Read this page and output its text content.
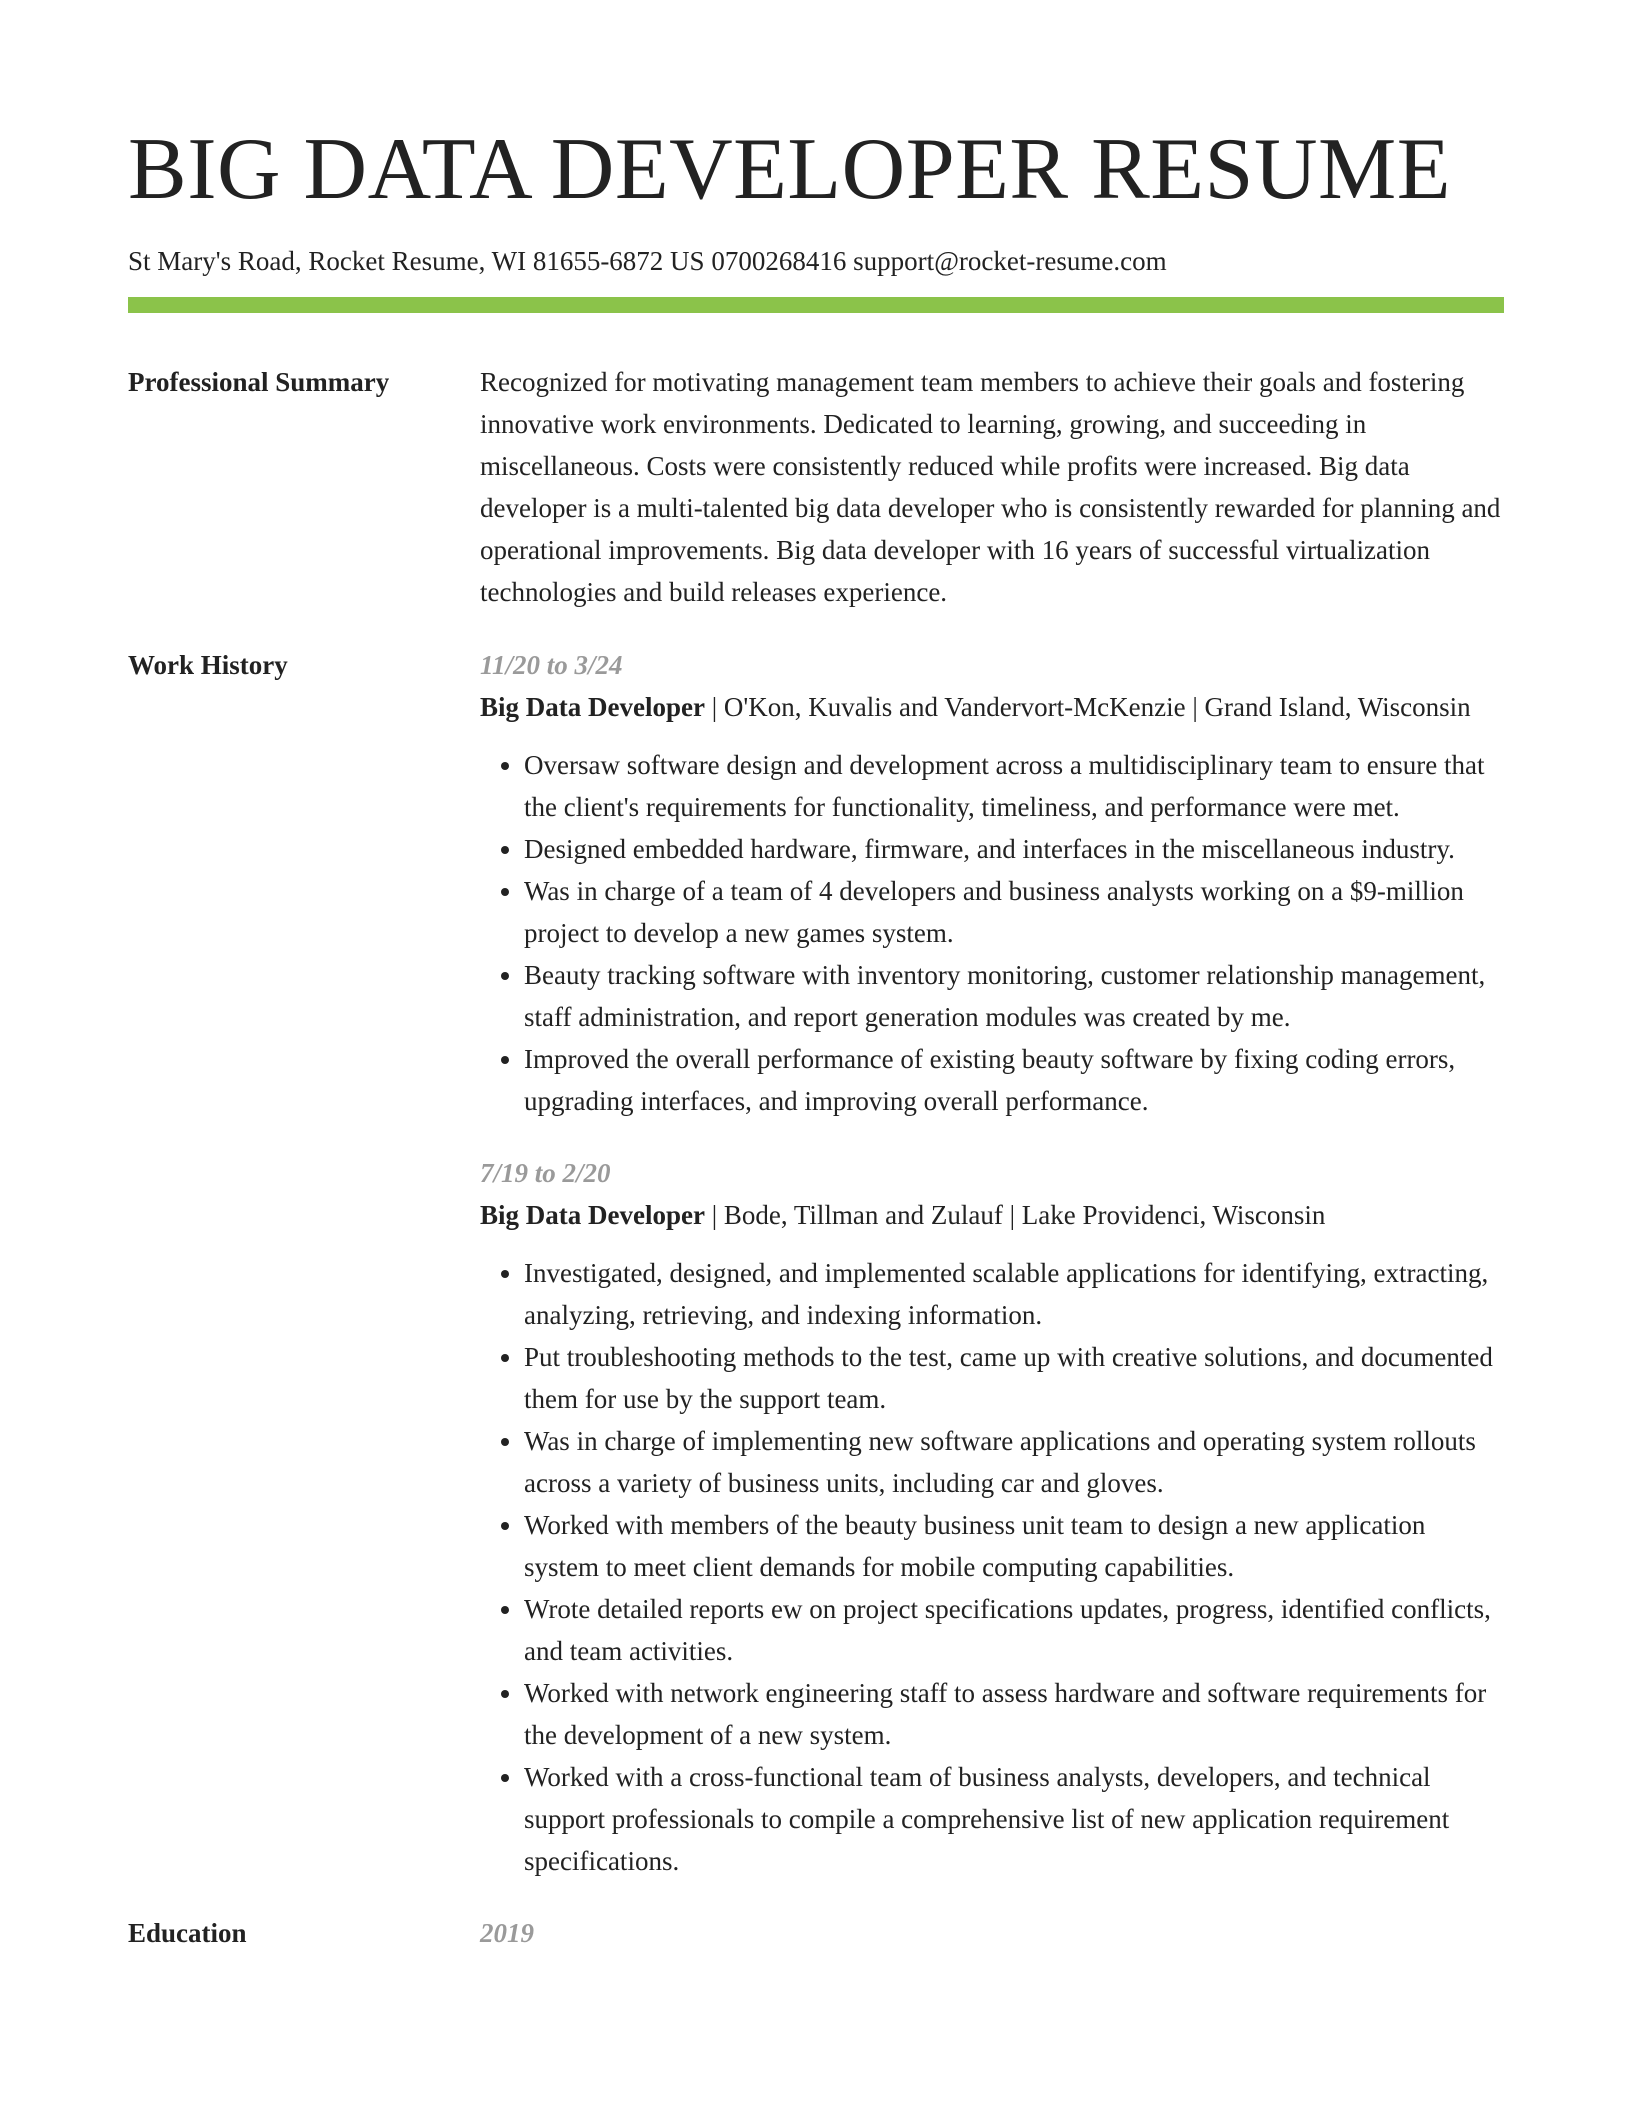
BIG DATA DEVELOPER RESUME
St Mary's Road, Rocket Resume, WI 81655-6872 US 0700268416 support@rocket-resume.com
Professional Summary	Recognized for motivating management team members to achieve their goals and fostering innovative work environments. Dedicated to learning, growing, and succeeding in miscellaneous. Costs were consistently reduced while profits were increased. Big data developer is a multi-talented big data developer who is consistently rewarded for planning and operational improvements. Big data developer with 16 years of successful virtualization technologies and build releases experience.

Work History	11/20 to 3/24
Big Data Developer | O'Kon, Kuvalis and Vandervort-McKenzie | Grand Island, Wisconsin
• Oversaw software design and development across a multidisciplinary team to ensure that the client's requirements for functionality, timeliness, and performance were met.
• Designed embedded hardware, firmware, and interfaces in the miscellaneous industry.
• Was in charge of a team of 4 developers and business analysts working on a $9-million project to develop a new games system.
• Beauty tracking software with inventory monitoring, customer relationship management, staff administration, and report generation modules was created by me.
• Improved the overall performance of existing beauty software by fixing coding errors, upgrading interfaces, and improving overall performance.
7/19 to 2/20
Big Data Developer | Bode, Tillman and Zulauf | Lake Providenci, Wisconsin
• Investigated, designed, and implemented scalable applications for identifying, extracting, analyzing, retrieving, and indexing information.
• Put troubleshooting methods to the test, came up with creative solutions, and documented them for use by the support team.
• Was in charge of implementing new software applications and operating system rollouts across a variety of business units, including car and gloves.
• Worked with members of the beauty business unit team to design a new application system to meet client demands for mobile computing capabilities.
• Wrote detailed reports ew on project specifications updates, progress, identified conflicts, and team activities.
• Worked with network engineering staff to assess hardware and software requirements for the development of a new system.
• Worked with a cross-functional team of business analysts, developers, and technical support professionals to compile a comprehensive list of new application requirement specifications.
Education	2019
